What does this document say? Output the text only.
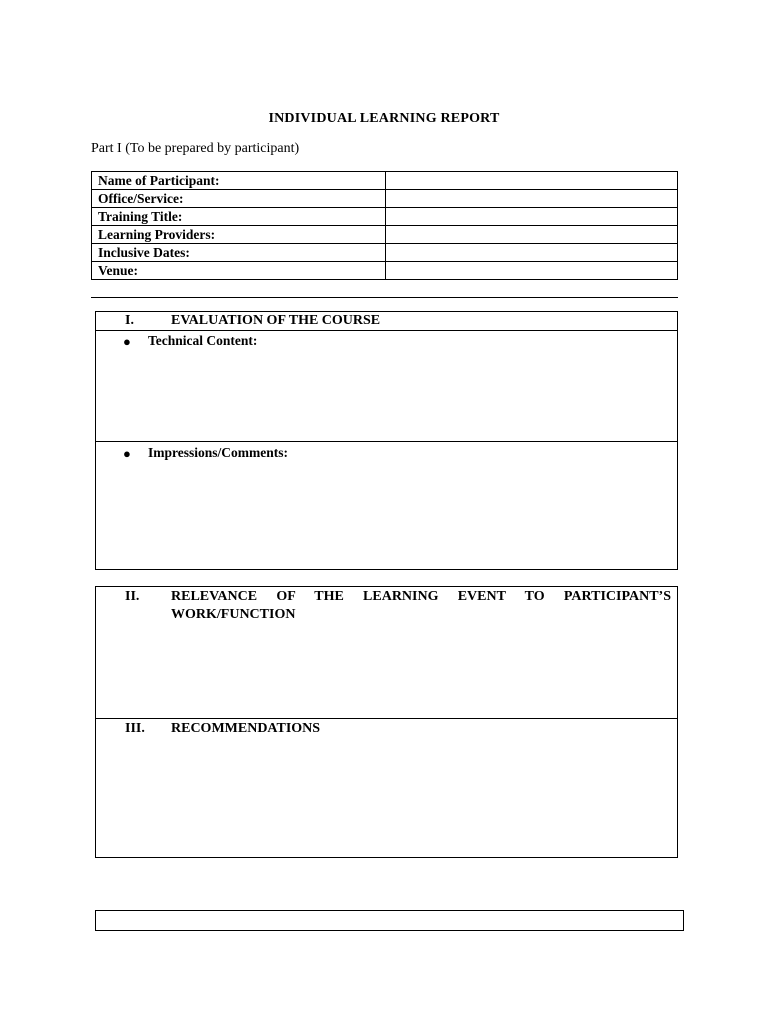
INDIVIDUAL LEARNING REPORT
Part I (To be prepared by participant)
Name of Participant:	
Office/Service:	
Training Title:	
Learning Providers:	
Inclusive Dates:	
Venue:	
I.	EVALUATION OF THE COURSE
● Technical Content:
● Impressions/Comments:
II. RELEVANCE OF THE LEARNING EVENT TO PARTICIPANT’S WORK/FUNCTION
III. RECOMMENDATIONS
